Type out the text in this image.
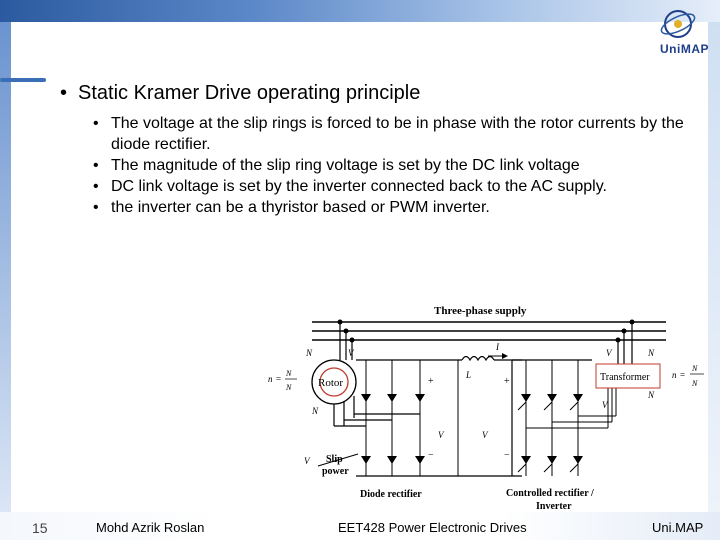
UniMAP
• Static Kramer Drive operating principle
• The voltage at the slip rings is forced to be in phase with the rotor currents by the diode rectifier.
• The magnitude of the slip ring voltage is set by the DC link voltage
• DC link voltage is set by the inverter connected back to the AC supply.
• the inverter can be a thyristor based or PWM inverter.
Three-phase supply
Rotor
N	V
N
n =
N
N
V Slip
power
Diode rectifier
V
+
−
I
L
V
+
−
Controlled rectifier /
Inverter
V
Transformer
V	N
N
n =
N
N
15	Mohd Azrik Roslan	EET428 Power Electronic Drives	Uni.MAP
